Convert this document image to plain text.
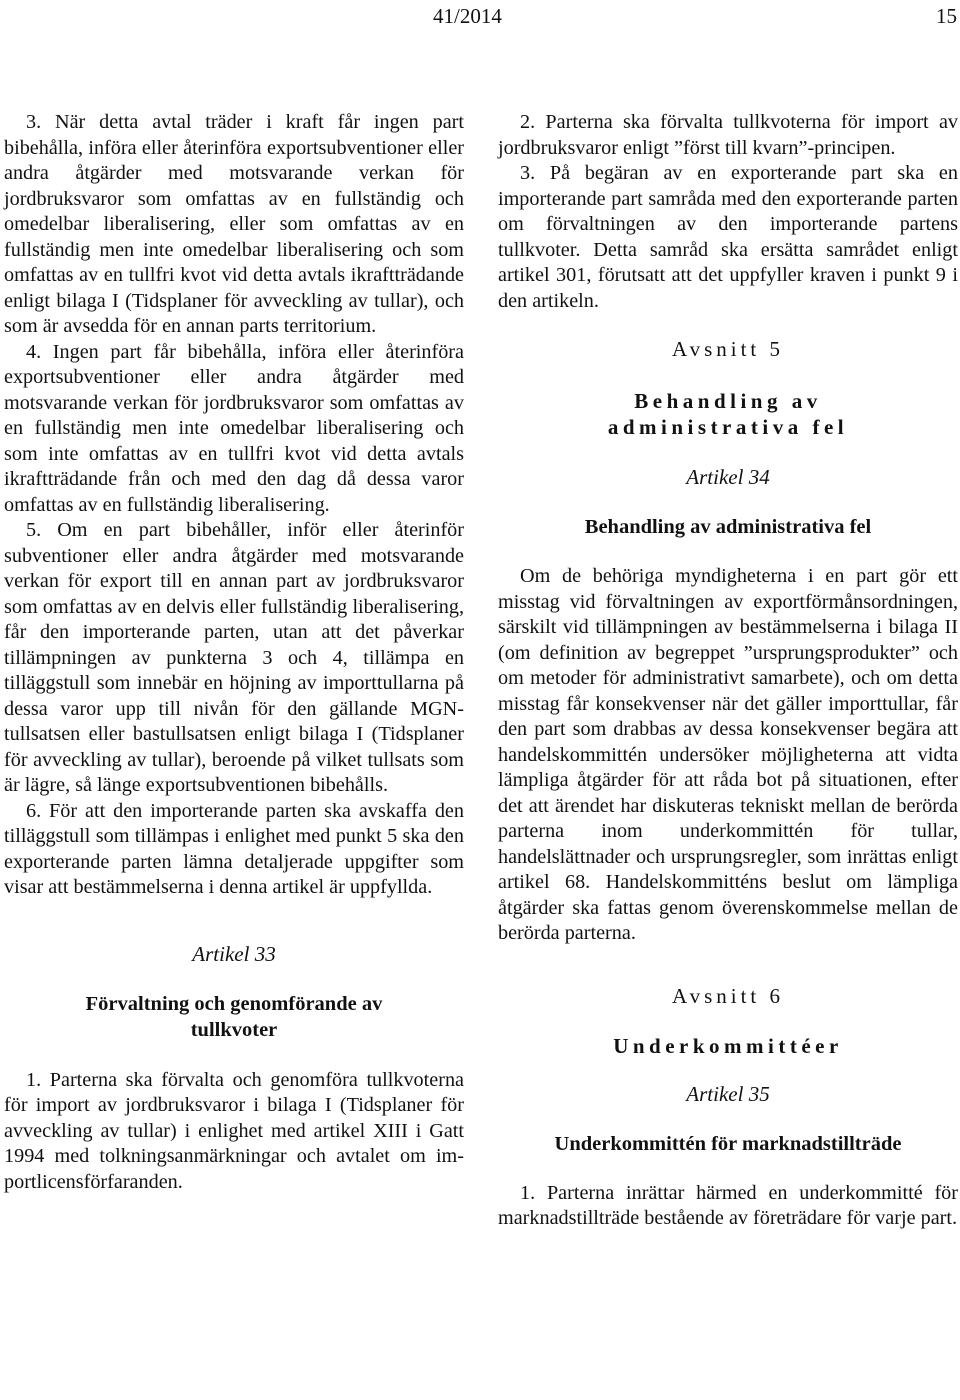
41/2014	15

3. När detta avtal träder i kraft får ingen part bibehålla, införa eller återinföra exportsubventioner eller andra åtgärder med motsvarande verkan för jordbruksvaror som omfattas av en fullständig och omedelbar liberalisering, eller som omfattas av en fullständig men inte omedelbar liberalisering och som omfattas av en tullfri kvot vid detta avtals ikraftträdande enligt bilaga I (Tidsplaner för avveckling av tullar), och som är avsedda för en annan parts territorium.

4. Ingen part får bibehålla, införa eller återinföra exportsubventioner eller andra åtgärder med motsvarande verkan för jordbruksvaror som omfattas av en fullständig men inte omedelbar liberalisering och som inte omfattas av en tullfri kvot vid detta avtals ikraftträdande från och med den dag då dessa varor omfattas av en fullständig liberalisering.

5. Om en part bibehåller, inför eller återinför subventioner eller andra åtgärder med motsvarande verkan för export till en annan part av jordbruksvaror som omfattas av en delvis eller fullständig liberalisering, får den importerande parten, utan att det påverkar tillämpningen av punkterna 3 och 4, tillämpa en tilläggstull som innebär en höjning av importtullarna på dessa varor upp till nivån för den gällande MGN-tullsatsen eller bastullsatsen enligt bilaga I (Tidsplaner för avveckling av tullar), beroende på vilket tullsats som är lägre, så länge exportsubventionen bibehålls.

6. För att den importerande parten ska avskaffa den tilläggstull som tillämpas i enlighet med punkt 5 ska den exporterande parten lämna detaljerade uppgifter som visar att bestämmelserna i denna artikel är uppfyllda.

Artikel 33
Förvaltning och genomförande av
tullkvoter

1. Parterna ska förvalta och genomföra tullkvoterna för import av jordbruksvaror i bilaga I (Tidsplaner för avveckling av tullar) i enlighet med artikel XIII i Gatt 1994 med tolkningsanmärkningar och avtalet om importlicensförfaranden.

2. Parterna ska förvalta tullkvoterna för import av jordbruksvaror enligt ”först till kvarn”-principen.

3. På begäran av en exporterande part ska en importerande part samråda med den exporterande parten om förvaltningen av den importerande partens tullkvoter. Detta samråd ska ersätta samrådet enligt artikel 301, förutsatt att det uppfyller kraven i punkt 9 i den artikeln.

Avsnitt 5
Behandling av
administrativa fel
Artikel 34
Behandling av administrativa fel

Om de behöriga myndigheterna i en part gör ett misstag vid förvaltningen av exportförmånsordningen, särskilt vid tillämpningen av bestämmelserna i bilaga II (om definition av begreppet ”ursprungsprodukter” och om metoder för administrativt samarbete), och om detta misstag får konsekvenser när det gäller importtullar, får den part som drabbas av dessa konsekvenser begära att handelskommittén undersöker möjligheterna att vidta lämpliga åtgärder för att råda bot på situationen, efter det att ärendet har diskuteras tekniskt mellan de berörda parterna inom underkommittén för tullar, handelslättnader och ursprungsregler, som inrättas enligt artikel 68. Handelskommitténs beslut om lämpliga åtgärder ska fattas genom överenskommelse mellan de berörda parterna.

Avsnitt 6
Underkommittéer
Artikel 35
Underkommittén för marknadstillträde

1. Parterna inrättar härmed en underkommitté för marknadstillträde bestående av företrädare för varje part.
